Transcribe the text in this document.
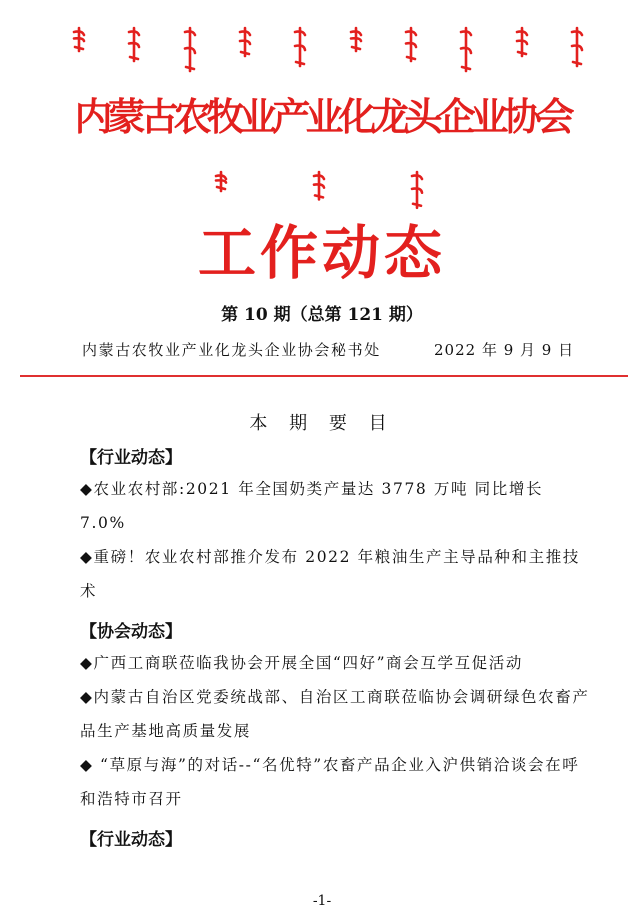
内蒙古农牧业产业化龙头企业协会
工作动态
第 10 期（总第 121 期）
内蒙古农牧业产业化龙头企业协会秘书处	2022 年 9 月 9 日
本 期 要 目
【行业动态】
◆农业农村部:2021 年全国奶类产量达 3778 万吨 同比增长 7.0%
◆重磅！农业农村部推介发布 2022 年粮油生产主导品种和主推技术
【协会动态】
◆广西工商联莅临我协会开展全国“四好”商会互学互促活动
◆内蒙古自治区党委统战部、自治区工商联莅临协会调研绿色农畜产品生产基地高质量发展
◆ “草原与海”的对话--“名优特”农畜产品企业入沪供销洽谈会在呼和浩特市召开
【行业动态】
-1-
